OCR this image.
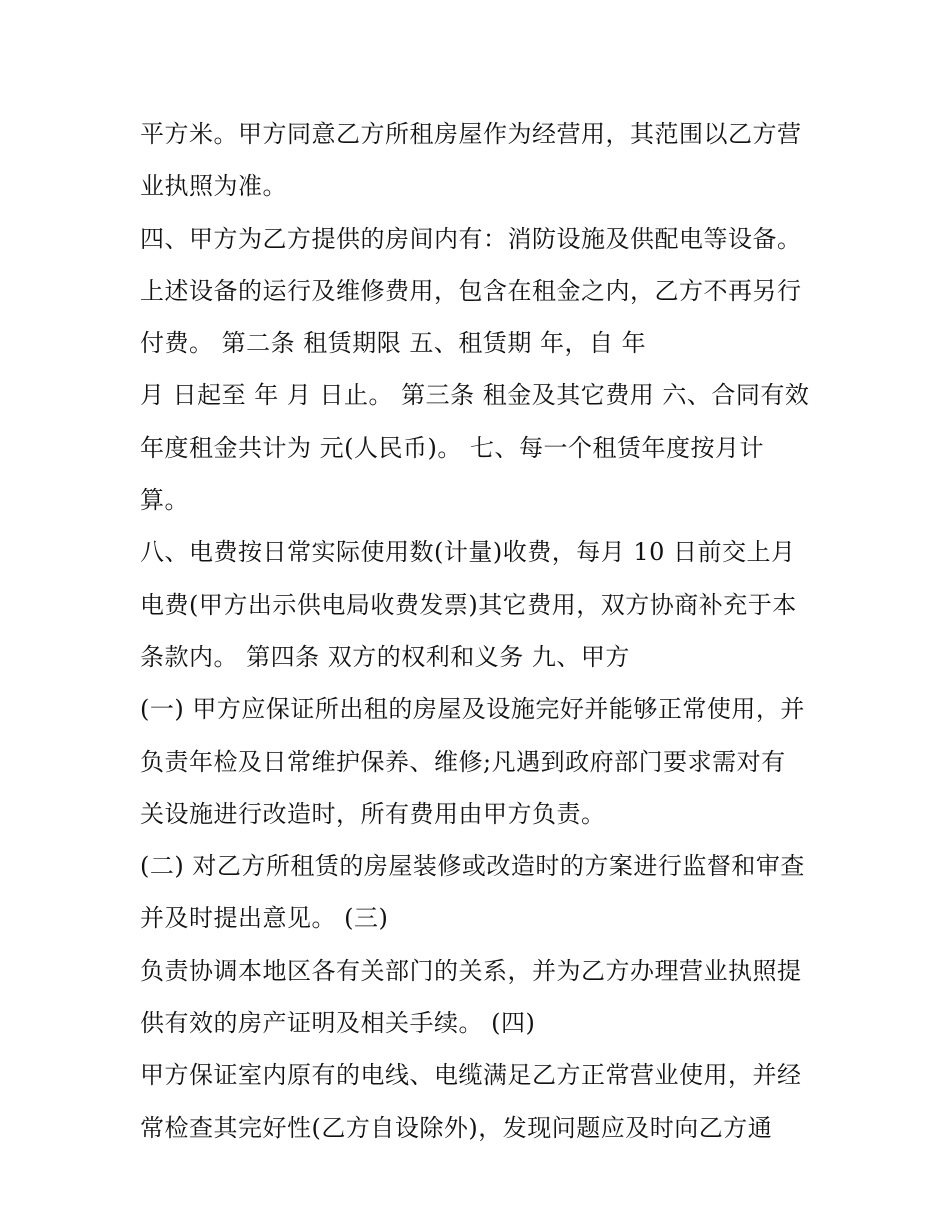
平方米。甲方同意乙方所租房屋作为经营用，其范围以乙方营
业执照为准。
四、甲方为乙方提供的房间内有：消防设施及供配电等设备。
上述设备的运行及维修费用，包含在租金之内，乙方不再另行
付费。 第二条 租赁期限 五、租赁期 年，自 年
月 日起至 年 月 日止。 第三条 租金及其它费用 六、合同有效
年度租金共计为 元(人民币)。 七、每一个租赁年度按月计
算。
八、电费按日常实际使用数(计量)收费，每月 10 日前交上月
电费(甲方出示供电局收费发票)其它费用，双方协商补充于本
条款内。 第四条 双方的权利和义务 九、甲方
(一) 甲方应保证所出租的房屋及设施完好并能够正常使用，并
负责年检及日常维护保养、维修;凡遇到政府部门要求需对有
关设施进行改造时，所有费用由甲方负责。
(二) 对乙方所租赁的房屋装修或改造时的方案进行监督和审查
并及时提出意见。 (三)
负责协调本地区各有关部门的关系，并为乙方办理营业执照提
供有效的房产证明及相关手续。 (四)
甲方保证室内原有的电线、电缆满足乙方正常营业使用，并经
常检查其完好性(乙方自设除外)，发现问题应及时向乙方通
